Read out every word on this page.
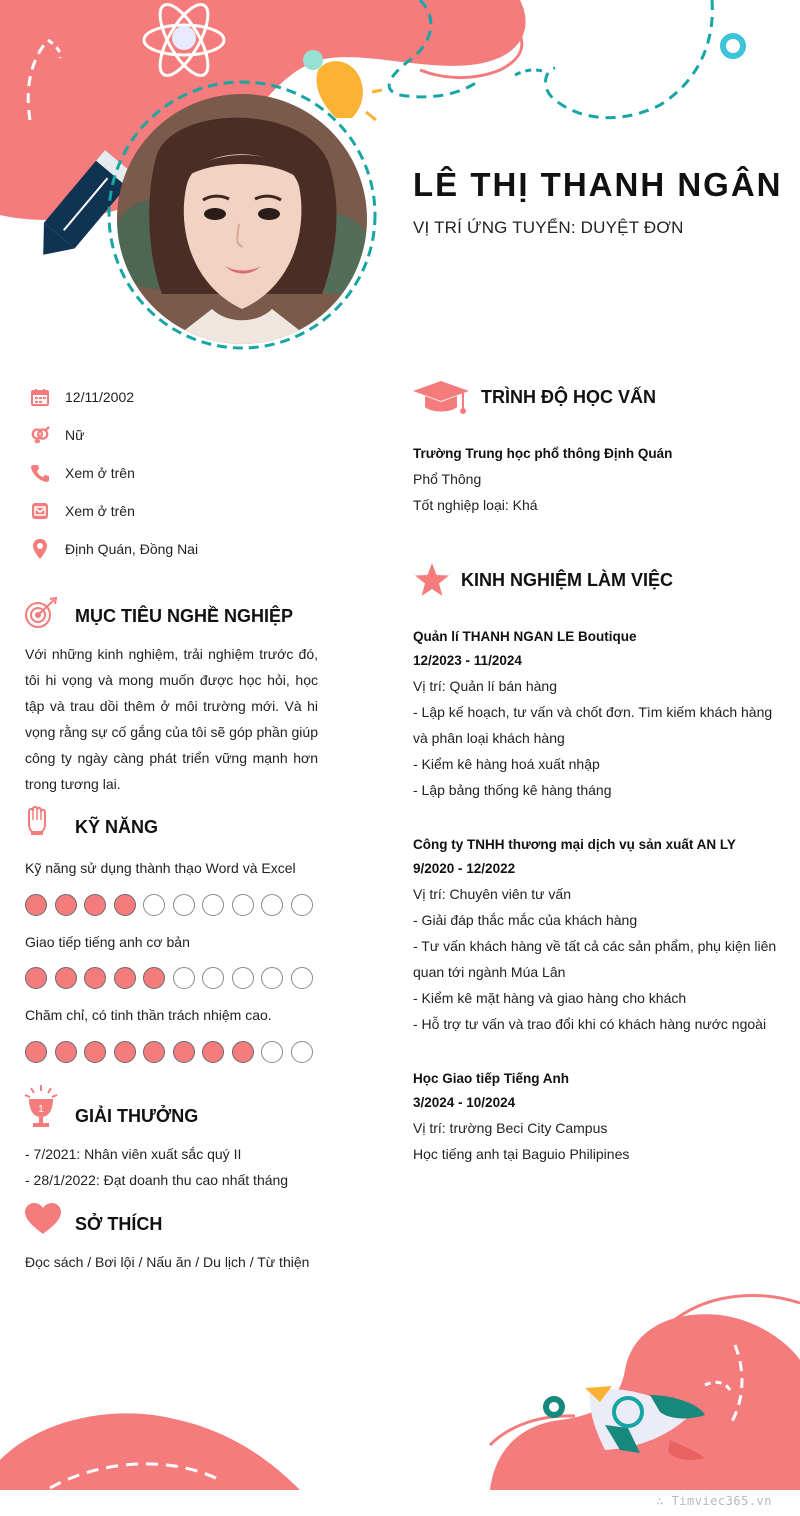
LÊ THỊ THANH NGÂN
VỊ TRÍ ỨNG TUYỂN: DUYỆT ĐƠN
12/11/2002
Nữ
Xem ở trên
Xem ở trên
Định Quán, Đồng Nai
MỤC TIÊU NGHỀ NGHIỆP
Với những kinh nghiệm, trải nghiệm trước đó, tôi hi vọng và mong muốn được học hỏi, học tập và trau dồi thêm ở môi trường mới. Và hi vọng rằng sự cố gắng của tôi sẽ góp phần giúp công ty ngày càng phát triển vững mạnh hơn trong tương lai.
KỸ NĂNG
Kỹ năng sử dụng thành thạo Word và Excel
Giao tiếp tiếng anh cơ bản
Chăm chỉ, có tinh thần trách nhiệm cao.
1 GIẢI THƯỞNG
- 7/2021: Nhân viên xuất sắc quý II
- 28/1/2022: Đạt doanh thu cao nhất tháng
SỞ THÍCH
Đọc sách / Bơi lội / Nấu ăn / Du lịch / Từ thiện
TRÌNH ĐỘ HỌC VẤN
Trường Trung học phổ thông Định Quán
Phổ Thông
Tốt nghiệp loại: Khá
KINH NGHIỆM LÀM VIỆC
Quản lí THANH NGAN LE Boutique
12/2023 - 11/2024
Vị trí: Quản lí bán hàng
- Lập kế hoạch, tư vấn và chốt đơn. Tìm kiếm khách hàng
và phân loại khách hàng
- Kiểm kê hàng hoá xuất nhập
- Lập bảng thống kê hàng tháng
Công ty TNHH thương mại dịch vụ sản xuất AN LY
9/2020 - 12/2022
Vị trí: Chuyên viên tư vấn
- Giải đáp thắc mắc của khách hàng
- Tư vấn khách hàng về tất cả các sản phẩm, phụ kiện liên
quan tới ngành Múa Lân
- Kiểm kê mặt hàng và giao hàng cho khách
- Hỗ trợ tư vấn và trao đổi khi có khách hàng nước ngoài
Học Giao tiếp Tiếng Anh
3/2024 - 10/2024
Vị trí: trường Beci City Campus
Học tiếng anh tại Baguio Philipines
∴ Timviec365.vn
